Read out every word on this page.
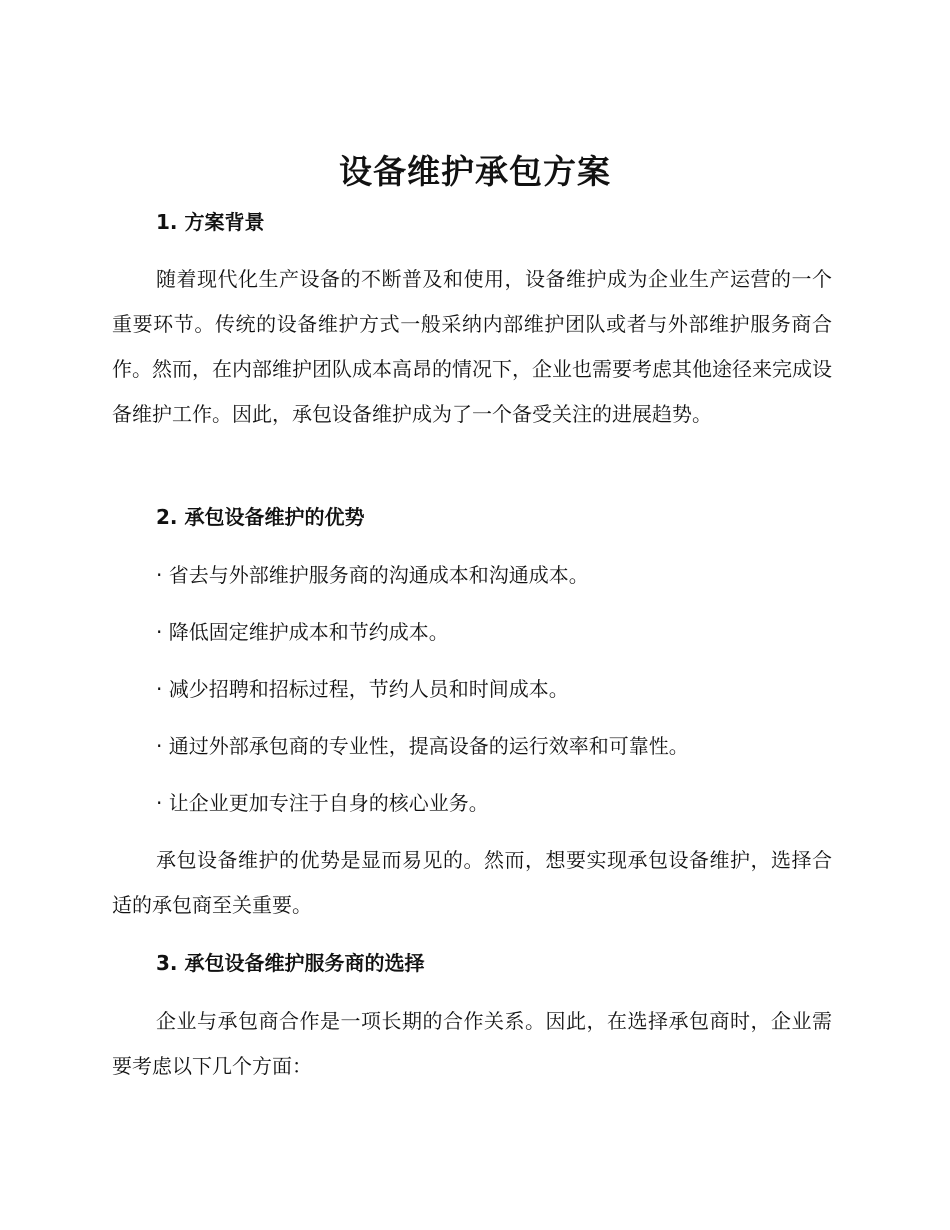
设备维护承包方案
1. 方案背景

随着现代化生产设备的不断普及和使用，设备维护成为企业生产运营的一个重要环节。传统的设备维护方式一般采纳内部维护团队或者与外部维护服务商合作。然而，在内部维护团队成本高昂的情况下，企业也需要考虑其他途径来完成设备维护工作。因此，承包设备维护成为了一个备受关注的进展趋势。

2. 承包设备维护的优势

· 省去与外部维护服务商的沟通成本和沟通成本。

· 降低固定维护成本和节约成本。

· 减少招聘和招标过程，节约人员和时间成本。

· 通过外部承包商的专业性，提高设备的运行效率和可靠性。

· 让企业更加专注于自身的核心业务。

承包设备维护的优势是显而易见的。然而，想要实现承包设备维护，选择合适的承包商至关重要。

3. 承包设备维护服务商的选择

企业与承包商合作是一项长期的合作关系。因此，在选择承包商时，企业需要考虑以下几个方面：
